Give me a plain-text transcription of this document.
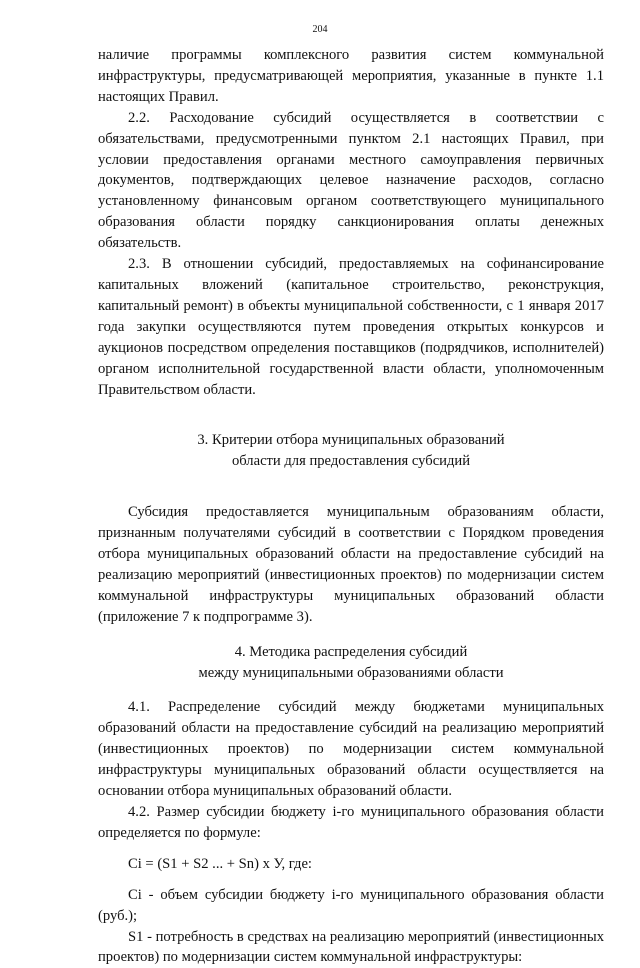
204

наличие программы комплексного развития систем коммунальной инфраструктуры, предусматривающей мероприятия, указанные в пункте 1.1 настоящих Правил.

2.2. Расходование субсидий осуществляется в соответствии с обязательствами, предусмотренными пунктом 2.1 настоящих Правил, при условии предоставления органами местного самоуправления первичных документов, подтверждающих целевое назначение расходов, согласно установленному финансовым органом соответствующего муниципального образования области порядку санкционирования оплаты денежных обязательств.

2.3. В отношении субсидий, предоставляемых на софинансирование капитальных вложений (капитальное строительство, реконструкция, капитальный ремонт) в объекты муниципальной собственности, с 1 января 2017 года закупки осуществляются путем проведения открытых конкурсов и аукционов посредством определения поставщиков (подрядчиков, исполнителей) органом исполнительной государственной власти области, уполномоченным Правительством области.

3. Критерии отбора муниципальных образований

области для предоставления субсидий

Субсидия предоставляется муниципальным образованиям области, признанным получателями субсидий в соответствии с Порядком проведения отбора муниципальных образований области на предоставление субсидий на реализацию мероприятий (инвестиционных проектов) по модернизации систем коммунальной инфраструктуры муниципальных образований области (приложение 7 к подпрограмме 3).

4. Методика распределения субсидий

между муниципальными образованиями области

4.1. Распределение субсидий между бюджетами муниципальных образований области на предоставление субсидий на реализацию мероприятий (инвестиционных проектов) по модернизации систем коммунальной инфраструктуры муниципальных образований области осуществляется на основании отбора муниципальных образований области.

4.2. Размер субсидии бюджету i-го муниципального образования области определяется по формуле:

Ci = (S1 + S2 ... + Sn) х У, где:

Ci - объем субсидии бюджету i-го муниципального образования области (руб.);

S1 - потребность в средствах на реализацию мероприятий (инвестиционных проектов) по модернизации систем коммунальной инфраструктуры:
